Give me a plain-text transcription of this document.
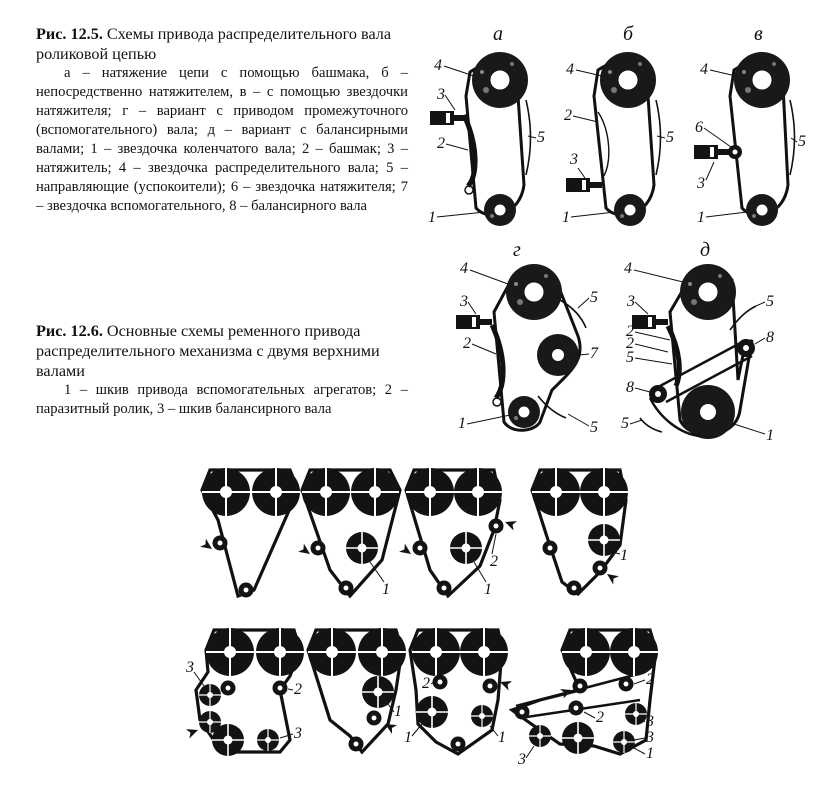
Рис. 12.5. Схемы привода распределительного вала роликовой цепью
а – натяжение цепи с помощью башмака, б – непосредственно натяжителем, в – с помощью звездочки натяжителя; г – вариант с приводом промежуточного (вспомогательного) вала; д – вариант с балансирными валами; 1 – звездочка коленчатого вала; 2 – башмак; 3 – натяжитель; 4 – звездочка распределительного вала; 5 – направляющие (успокоители); 6 – звездочка натяжителя; 7 – звездочка вспомогательного, 8 – балансирного вала
Рис. 12.6. Основные схемы ременного привода распределительного механизма с двумя верхними валами
1 – шкив привода вспомогательных агрегатов; 2 – паразитный ролик, 3 – шкив балансирного вала
а
4
3
2	5
1
б
4
2
3
5
1
в
4
6
3
5
1
г
4
3
2
5
7
5
1
д
4
3
2
2
5
8
5
5
8
1
1
2
1
1
3
2
3
1
2
1	1
2
2	3
3
1
3
